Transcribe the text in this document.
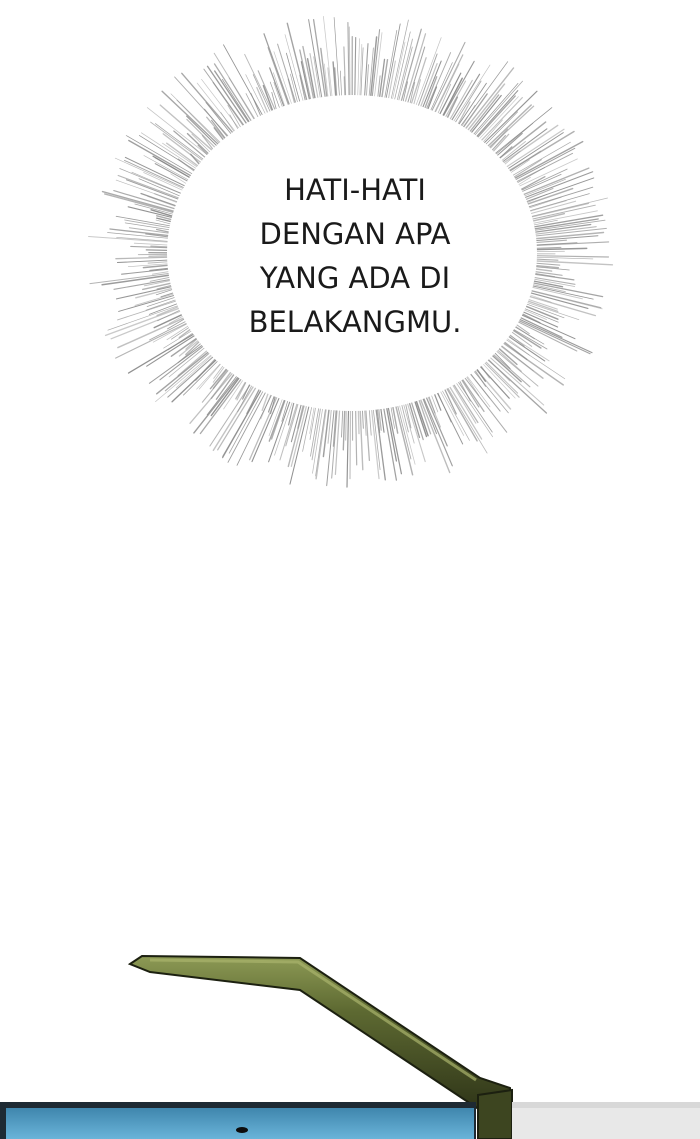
HATI-HATI
DENGAN APA
YANG ADA DI
BELAKANGMU.
